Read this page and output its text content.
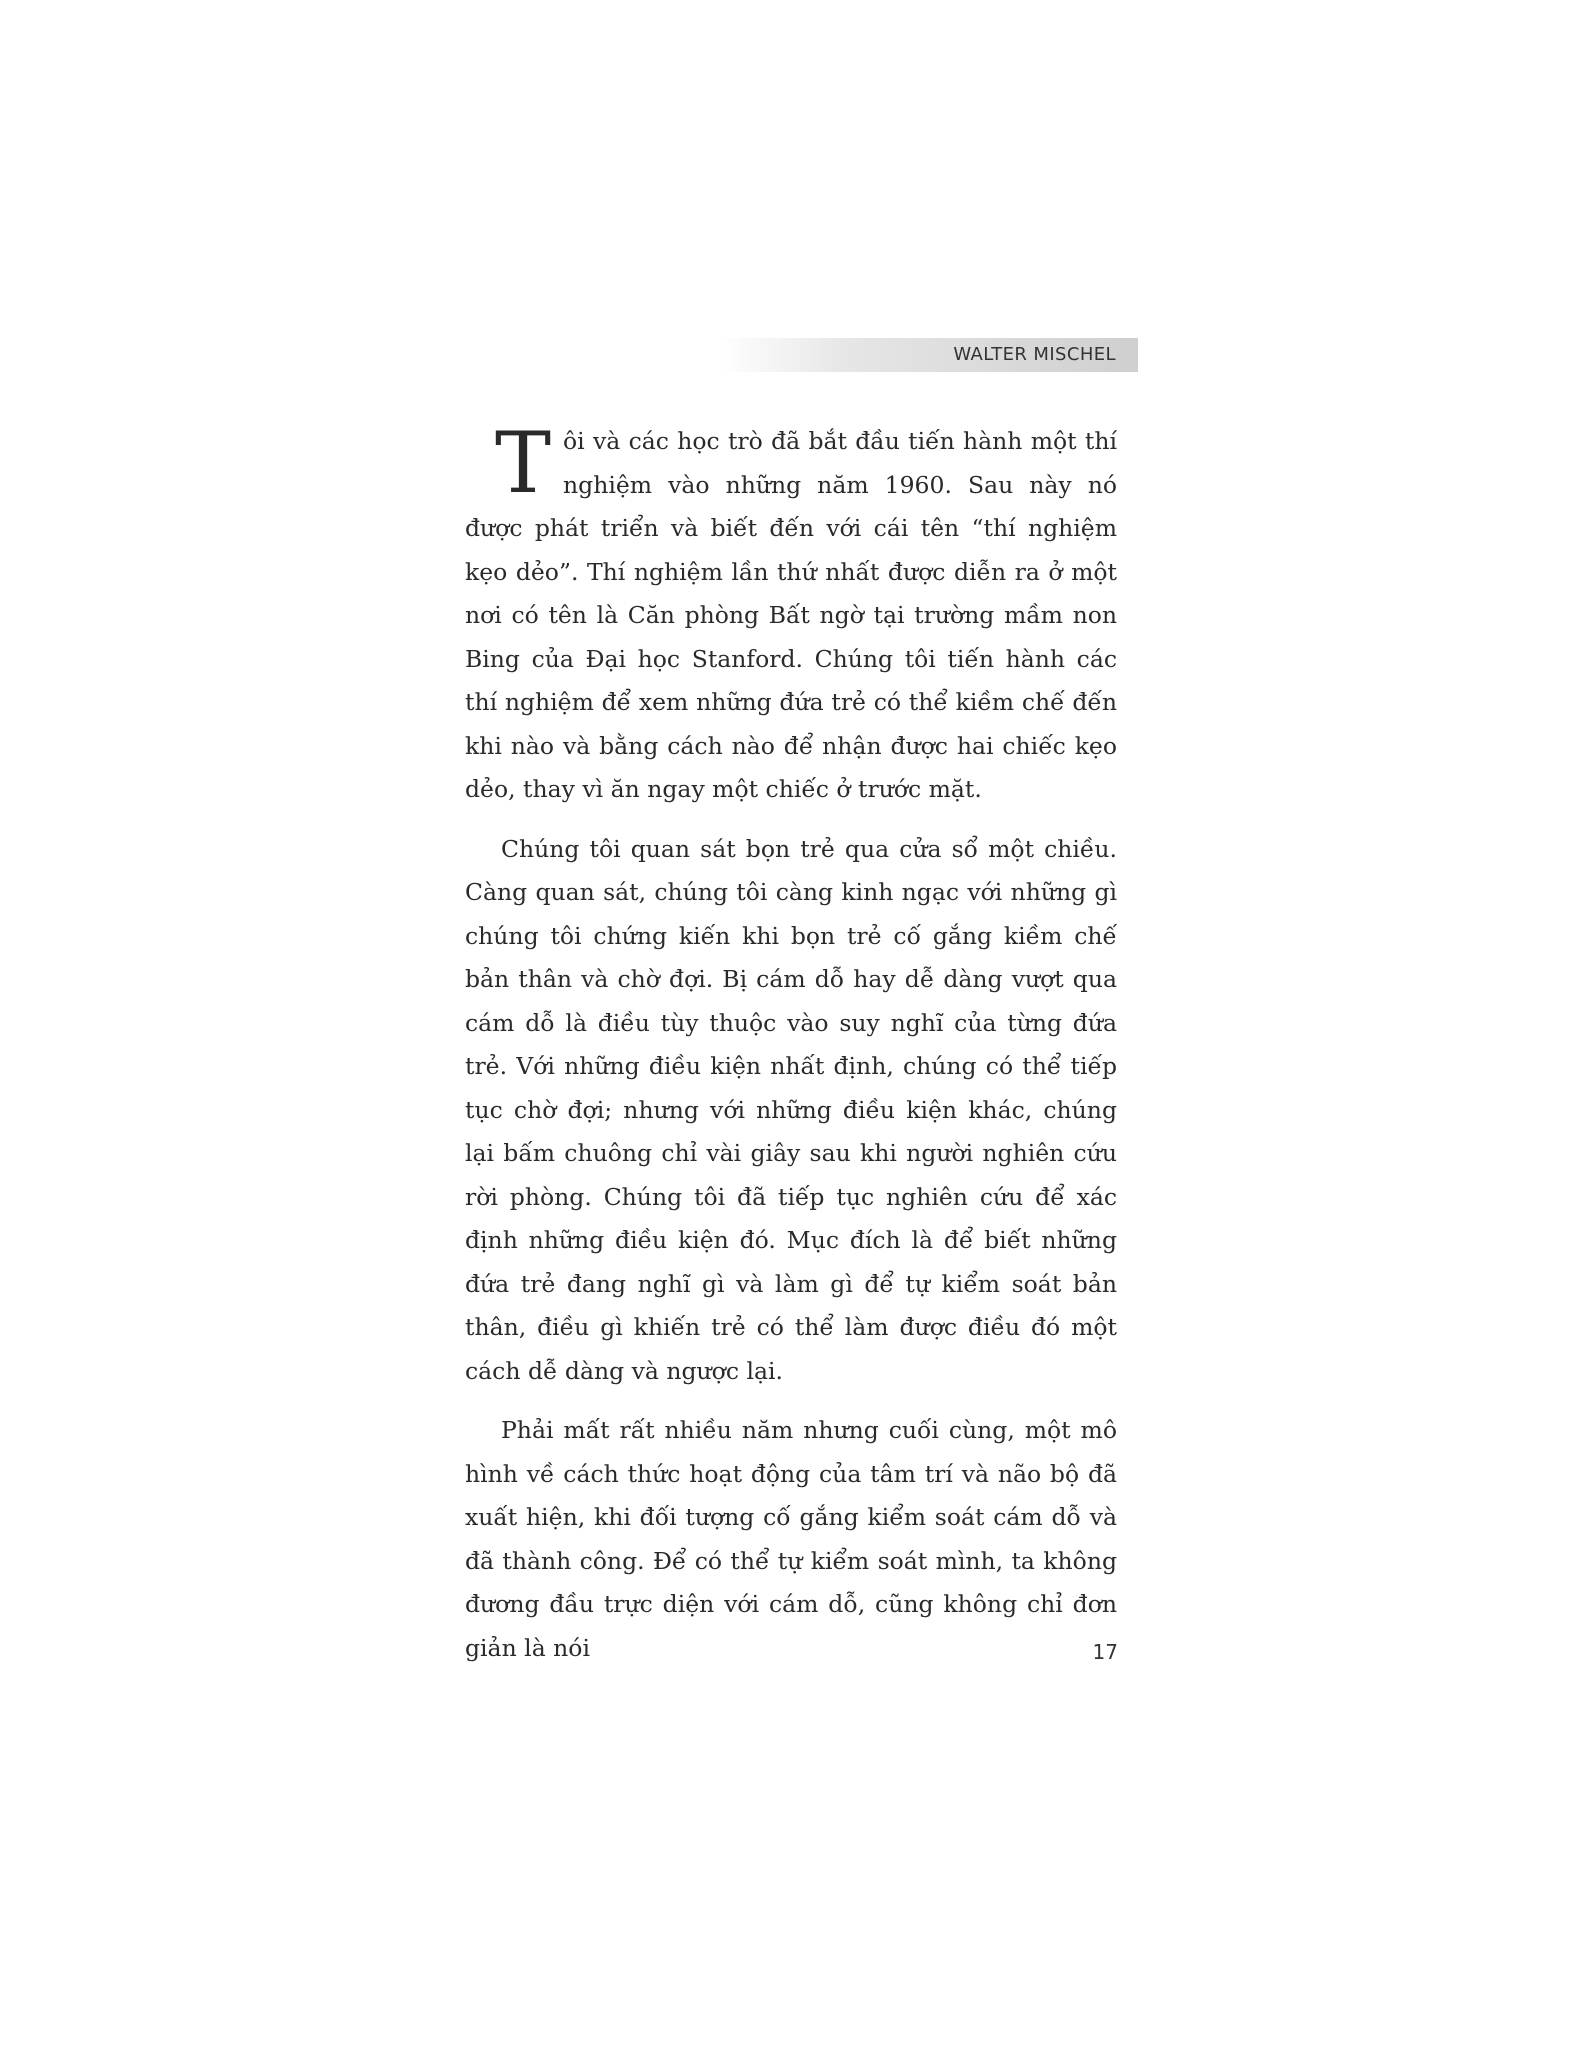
WALTER MISCHEL

Tôi và các học trò đã bắt đầu tiến hành một thí nghiệm vào những năm 1960. Sau này nó được phát triển và biết đến với cái tên “thí nghiệm kẹo dẻo”. Thí nghiệm lần thứ nhất được diễn ra ở một nơi có tên là Căn phòng Bất ngờ tại trường mầm non Bing của Đại học Stanford. Chúng tôi tiến hành các thí nghiệm để xem những đứa trẻ có thể kiềm chế đến khi nào và bằng cách nào để nhận được hai chiếc kẹo dẻo, thay vì ăn ngay một chiếc ở trước mặt.

Chúng tôi quan sát bọn trẻ qua cửa sổ một chiều. Càng quan sát, chúng tôi càng kinh ngạc với những gì chúng tôi chứng kiến khi bọn trẻ cố gắng kiềm chế bản thân và chờ đợi. Bị cám dỗ hay dễ dàng vượt qua cám dỗ là điều tùy thuộc vào suy nghĩ của từng đứa trẻ. Với những điều kiện nhất định, chúng có thể tiếp tục chờ đợi; nhưng với những điều kiện khác, chúng lại bấm chuông chỉ vài giây sau khi người nghiên cứu rời phòng. Chúng tôi đã tiếp tục nghiên cứu để xác định những điều kiện đó. Mục đích là để biết những đứa trẻ đang nghĩ gì và làm gì để tự kiểm soát bản thân, điều gì khiến trẻ có thể làm được điều đó một cách dễ dàng và ngược lại.

Phải mất rất nhiều năm nhưng cuối cùng, một mô hình về cách thức hoạt động của tâm trí và não bộ đã xuất hiện, khi đối tượng cố gắng kiểm soát cám dỗ và đã thành công. Để có thể tự kiểm soát mình, ta không đương đầu trực diện với cám dỗ, cũng không chỉ đơn giản là nói	17
